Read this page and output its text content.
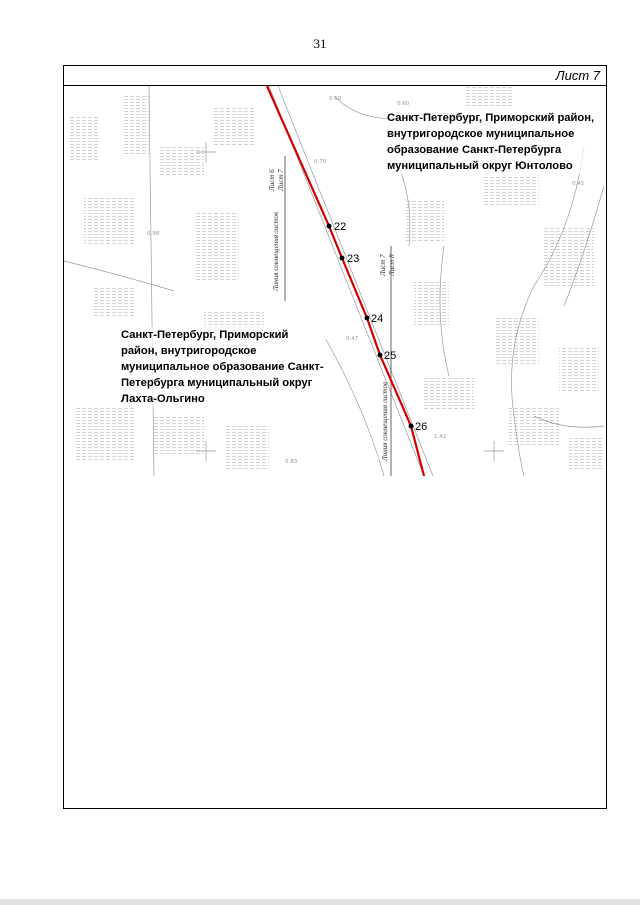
31
Лист 7
Линия совмещения листов
Лист 6 Лист 7
Лист 7 Лист 8
Линия совмещения листов
0.60
0.60
0.70
0.45
0.98
0.47
0.83
1.42
22
23
24
25
26
Санкт-Петербург, Приморский район, внутригородское муниципальное образование Санкт-Петербурга муниципальный округ Юнтолово
Санкт-Петербург, Приморский район, внутригородское муниципальное образование Санкт-Петербурга муниципальный округ Лахта-Ольгино
